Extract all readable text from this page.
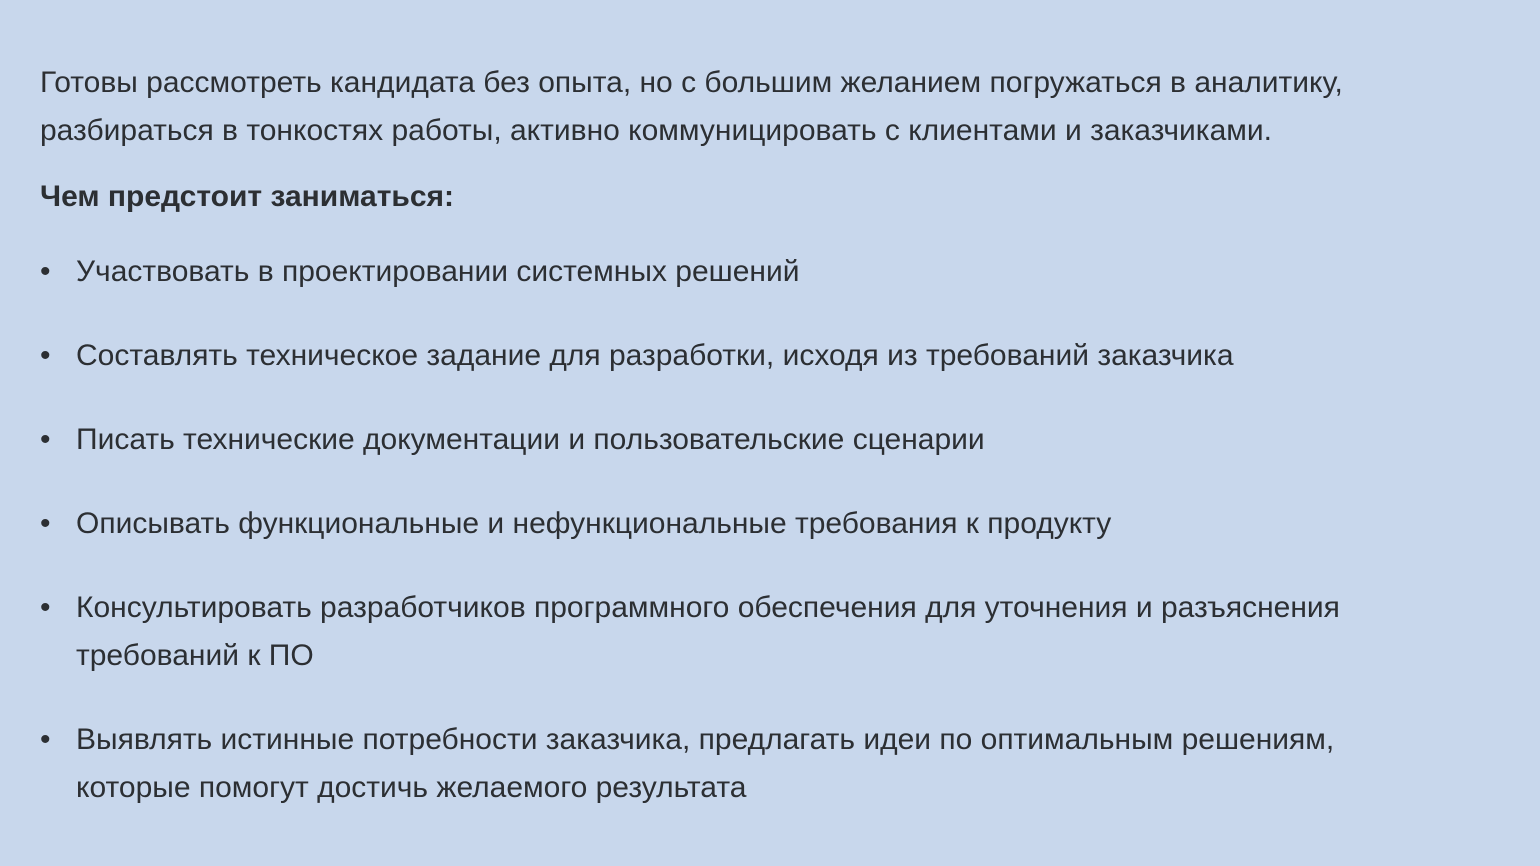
Готовы рассмотреть кандидата без опыта, но с большим желанием погружаться в аналитику,
разбираться в тонкостях работы, активно коммуницировать с клиентами и заказчиками.

Чем предстоит заниматься:
• Участвовать в проектировании системных решений
• Составлять техническое задание для разработки, исходя из требований заказчика
• Писать технические документации и пользовательские сценарии
• Описывать функциональные и нефункциональные требования к продукту
• Консультировать разработчиков программного обеспечения для уточнения и разъяснения
требований к ПО
• Выявлять истинные потребности заказчика, предлагать идеи по оптимальным решениям,
которые помогут достичь желаемого результата
